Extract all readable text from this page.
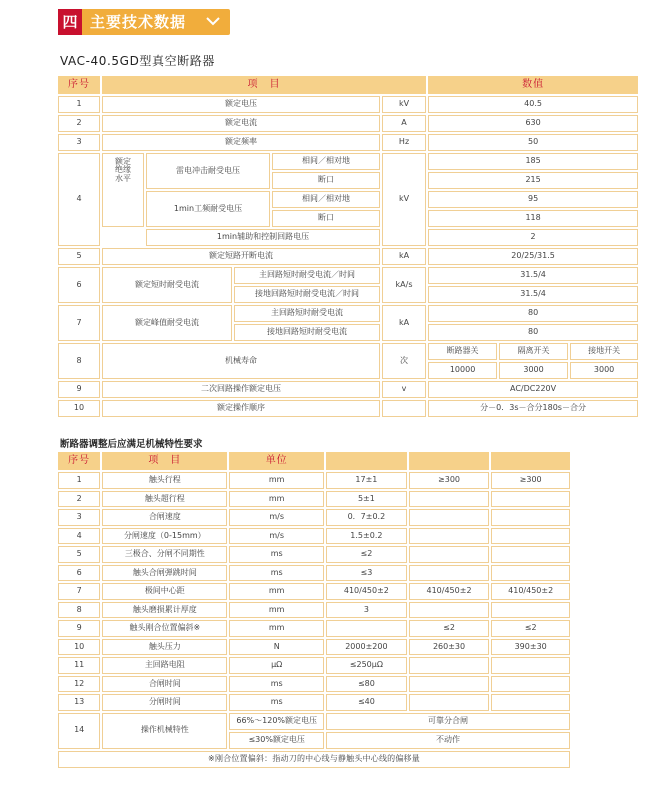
四 主要技术数据
VAC-40.5GD型真空断路器
序号	项　目					数值		
1	额定电压				kV	40.5		
2	额定电流				A	630		
3	额定频率				Hz	50		
4	额定
绝缘
水平	雷电冲击耐受电压		相间／相对地	kV	185		
				断口		215		
		1min工频耐受电压		相间／相对地		95		
				断口		118		
		1min辅助和控制回路电压				2		
5	额定短路开断电流				kA	20/25/31.5		
6	额定短时耐受电流		主回路短时耐受电流／时间		kA/s	31.5/4		
			接地回路短时耐受电流／时间			31.5/4		
7	额定峰值耐受电流		主回路短时耐受电流		kA	80		
			接地回路短时耐受电流			80		
8	机械寿命				次	断路器关	隔离开关	接地开关
						10000	3000	3000
9	二次回路操作额定电压				v	AC/DC220V		
10	额定操作顺序					分－0．3s－合分180s－合分		
断路器调整后应满足机械特性要求
序号	项　目	单位			
1	触头行程	mm	17±1	≥300	≥300
2	触头超行程	mm	5±1		
3	合闸速度	m/s	0．7±0.2		
4	分闸速度（0-15mm）	m/s	1.5±0.2		
5	三极合、分闸不同期性	ms	≤2		
6	触头合闸弹跳时间	ms	≤3		
7	极间中心距	mm	410/450±2	410/450±2	410/450±2
8	触头磨损累计厚度	mm	3		
9	触头刚合位置偏斜※	mm		≤2	≤2
10	触头压力	N	2000±200	260±30	390±30
11	主回路电阻	μΩ	≤250μΩ		
12	合闸时间	ms	≤80		
13	分闸时间	ms	≤40		
14	操作机械特性	66%～120%额定电压	可靠分合闸		
		≤30%额定电压	不动作		
※刚合位置偏斜：指动刀的中心线与静触头中心线的偏移量					
